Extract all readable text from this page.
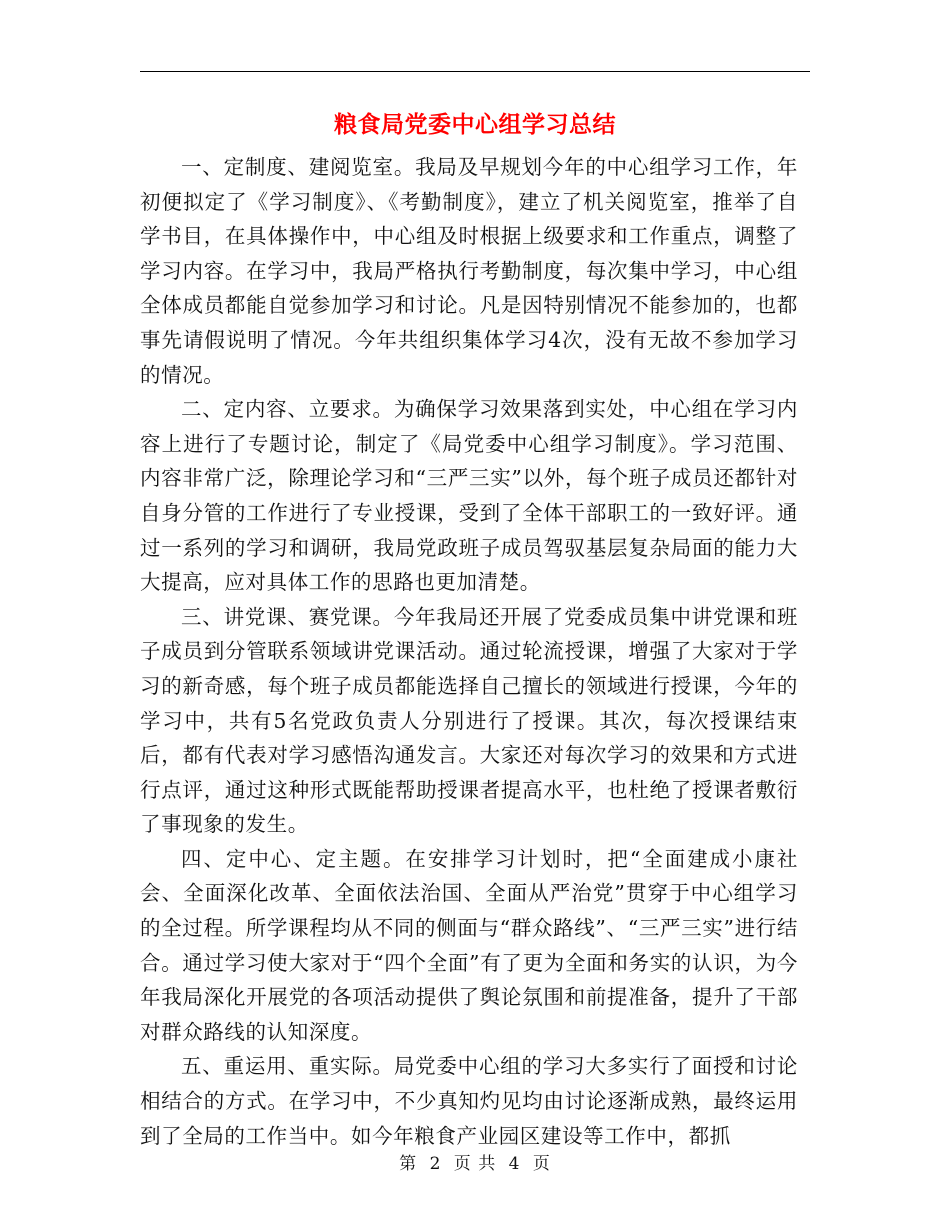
粮食局党委中心组学习总结

一、定制度、建阅览室。我局及早规划今年的中心组学习工作，年初便拟定了《学习制度》、《考勤制度》，建立了机关阅览室，推举了自学书目，在具体操作中，中心组及时根据上级要求和工作重点，调整了学习内容。在学习中，我局严格执行考勤制度，每次集中学习，中心组全体成员都能自觉参加学习和讨论。凡是因特别情况不能参加的，也都事先请假说明了情况。今年共组织集体学习4次，没有无故不参加学习的情况。

二、定内容、立要求。为确保学习效果落到实处，中心组在学习内容上进行了专题讨论，制定了《局党委中心组学习制度》。学习范围、内容非常广泛，除理论学习和“三严三实”以外，每个班子成员还都针对自身分管的工作进行了专业授课，受到了全体干部职工的一致好评。通过一系列的学习和调研，我局党政班子成员驾驭基层复杂局面的能力大大提高，应对具体工作的思路也更加清楚。

三、讲党课、赛党课。今年我局还开展了党委成员集中讲党课和班子成员到分管联系领域讲党课活动。通过轮流授课，增强了大家对于学习的新奇感，每个班子成员都能选择自己擅长的领域进行授课，今年的学习中，共有5名党政负责人分别进行了授课。其次，每次授课结束后，都有代表对学习感悟沟通发言。大家还对每次学习的效果和方式进行点评，通过这种形式既能帮助授课者提高水平，也杜绝了授课者敷衍了事现象的发生。

四、定中心、定主题。在安排学习计划时，把“全面建成小康社会、全面深化改革、全面依法治国、全面从严治党”贯穿于中心组学习的全过程。所学课程均从不同的侧面与“群众路线”、“三严三实”进行结合。通过学习使大家对于“四个全面”有了更为全面和务实的认识，为今年我局深化开展党的各项活动提供了舆论氛围和前提准备，提升了干部对群众路线的认知深度。

五、重运用、重实际。局党委中心组的学习大多实行了面授和讨论相结合的方式。在学习中，不少真知灼见均由讨论逐渐成熟，最终运用到了全局的工作当中。如今年粮食产业园区建设等工作中，都抓

第 2 页 共 4 页
